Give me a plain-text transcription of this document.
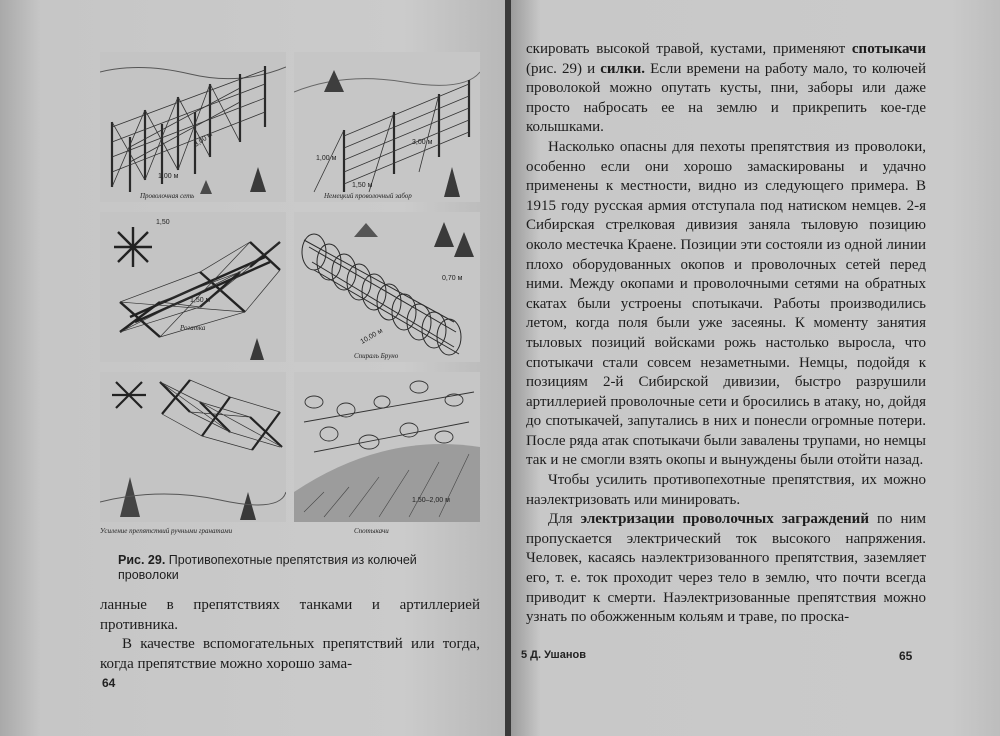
3,00 м
1,00 м
Проволочная сеть
1,00 м
1,50 м
3,00 м
Немецкий проволочный забор
1,50 м
1,50
Рогатка
0,70 м
10,00 м
Спираль Бруно
Усиление препятствий ручными гранатами
1,50–2,00 м
Спотыкачи
Рис. 29. Противопехотные препятствия из колючей проволоки

ланные в препятствиях танками и артиллерией противника.

В качестве вспомогательных препятствий или тогда, когда препятствие можно хорошо зама-

64

скировать высокой травой, кустами, применяют спотыкачи (рис. 29) и силки. Если времени на работу мало, то колючей проволокой можно опутать кусты, пни, заборы или даже просто набросать ее на землю и прикрепить кое-где колышками.

Насколько опасны для пехоты препятствия из проволоки, особенно если они хорошо замаскированы и удачно применены к местности, видно из следующего примера. В 1915 году русская армия отступала под натиском немцев. 2-я Сибирская стрелковая дивизия заняла тыловую позицию около местечка Краене. Позиции эти состояли из одной линии плохо оборудованных окопов и проволочных сетей перед ними. Между окопами и проволочными сетями на обратных скатах были устроены спотыкачи. Работы производились летом, когда поля были уже засеяны. К моменту занятия тыловых позиций войсками рожь настолько выросла, что спотыкачи стали совсем незаметными. Немцы, подойдя к позициям 2-й Сибирской дивизии, быстро разрушили артиллерией проволочные сети и бросились в атаку, но, дойдя до спотыкачей, запутались в них и понесли огромные потери. После ряда атак спотыкачи были завалены трупами, но немцы так и не смогли взять окопы и вынуждены были отойти назад.

Чтобы усилить противопехотные препятствия, их можно наэлектризовать или минировать.

Для электризации проволочных заграждений по ним пропускается электрический ток высокого напряжения. Человек, касаясь наэлектризованного препятствия, заземляет его, т. е. ток проходит через тело в землю, что почти всегда приводит к смерти. Наэлектризованные препятствия можно узнать по обожженным кольям и траве, по проска-

5 Д. Ушанов	65
